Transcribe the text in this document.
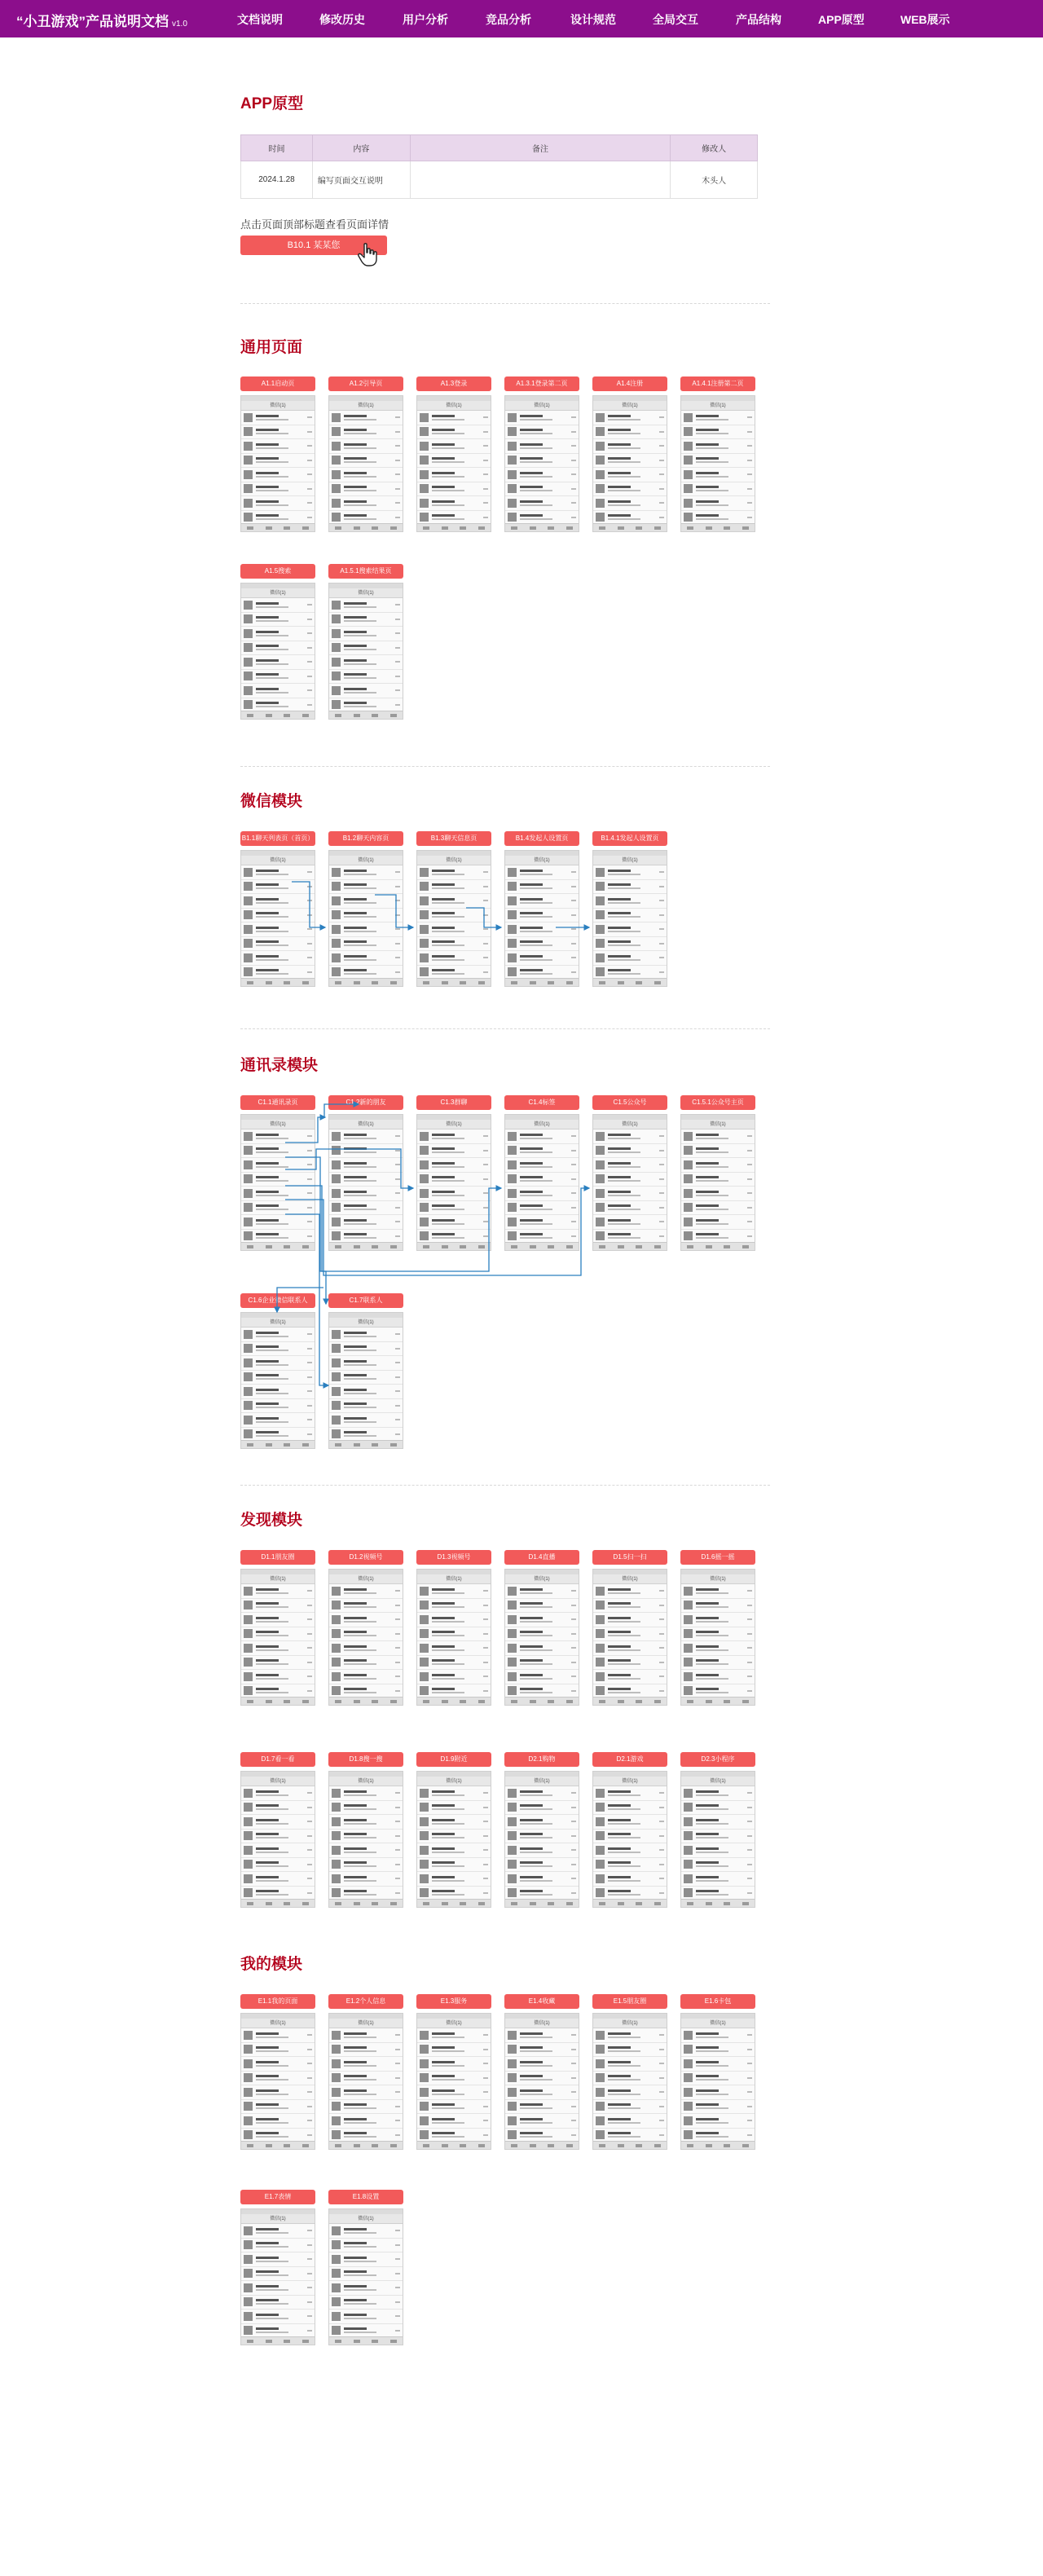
“小丑游戏”产品说明文档 v1.0	文档说明	修改历史	用户分析	竞品分析	设计规范	全局交互	产品结构	APP原型	WEB展示
APP原型
时间	内容	备注	修改人
2024.1.28	编写页面交互说明		木头人
点击页面顶部标题查看页面详情
B10.1 某某您
通用页面
A1.1启动页
微信(1)
A1.2引导页
微信(1)
A1.3登录
微信(1)
A1.3.1登录第二页
微信(1)
A1.4注册
微信(1)
A1.4.1注册第二页
微信(1)
A1.5搜索
微信(1)
A1.5.1搜索结果页
微信(1)
微信模块
B1.1聊天列表页（首页）
微信(1)
B1.2聊天内容页
微信(1)
B1.3聊天信息页
微信(1)
B1.4发起人设置页
微信(1)
B1.4.1发起人设置页
微信(1)
通讯录模块
C1.1通讯录页
微信(1)
C1.2新的朋友
微信(1)
C1.3群聊
微信(1)
C1.4标签
微信(1)
C1.5公众号
微信(1)
C1.5.1公众号主页
微信(1)
C1.6企业微信联系人
微信(1)
C1.7联系人
微信(1)
发现模块
D1.1朋友圈
微信(1)
D1.2视频号
微信(1)
D1.3视频号
微信(1)
D1.4直播
微信(1)
D1.5扫一扫
微信(1)
D1.6摇一摇
微信(1)
D1.7看一看
微信(1)
D1.8搜一搜
微信(1)
D1.9附近
微信(1)
D2.1购物
微信(1)
D2.1游戏
微信(1)
D2.3小程序
微信(1)
我的模块
E1.1我的页面
微信(1)
E1.2个人信息
微信(1)
E1.3服务
微信(1)
E1.4收藏
微信(1)
E1.5朋友圈
微信(1)
E1.6卡包
微信(1)
E1.7表情
微信(1)
E1.8设置
微信(1)
